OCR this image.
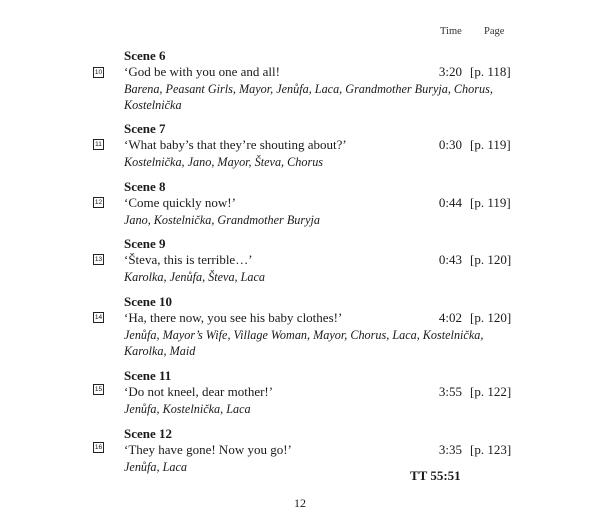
Time Page
10
Scene 6
‘God be with you one and all!	3:20 [p. 118]
Barena, Peasant Girls, Mayor, Jenůfa, Laca, Grandmother Buryja, Chorus, Kostelnička
11
Scene 7
‘What baby’s that they’re shouting about?’	0:30 [p. 119]
Kostelnička, Jano, Mayor, Števa, Chorus
12
Scene 8
‘Come quickly now!’	0:44 [p. 119]
Jano, Kostelnička, Grandmother Buryja
13
Scene 9
‘Števa, this is terrible…’	0:43 [p. 120]
Karolka, Jenůfa, Števa, Laca
14
Scene 10
‘Ha, there now, you see his baby clothes!’	4:02 [p. 120]
Jenůfa, Mayor’s Wife, Village Woman, Mayor, Chorus, Laca, Kostelnička, Karolka, Maid
15
Scene 11
‘Do not kneel, dear mother!’	3:55 [p. 122]
Jenůfa, Kostelnička, Laca
16
Scene 12
‘They have gone! Now you go!’	3:35 [p. 123]
Jenůfa, Laca
TT 55:51
12
